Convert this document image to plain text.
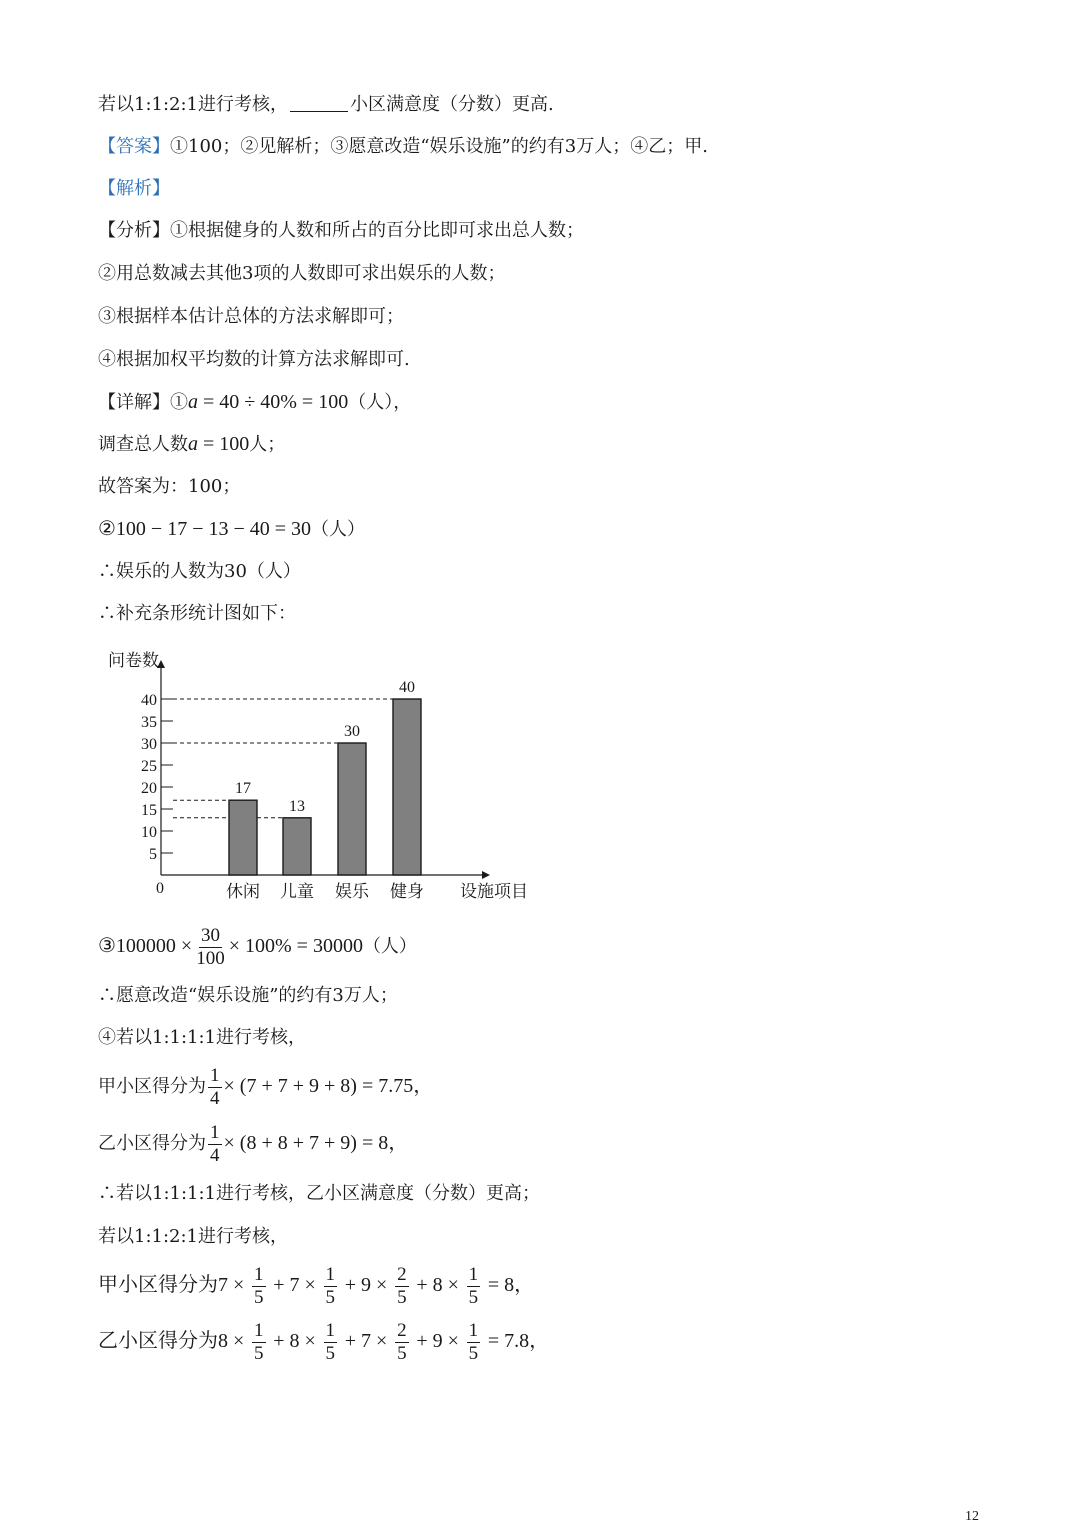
若以1:1:2:1进行考核，	小区满意度（分数）更高.
【答案】①100；②见解析；③愿意改造“娱乐设施”的约有3万人；④乙；甲.
【解析】
【分析】①根据健身的人数和所占的百分比即可求出总人数；
②用总数减去其他3项的人数即可求出娱乐的人数；
③根据样本估计总体的方法求解即可；
④根据加权平均数的计算方法求解即可.
【详解】①a = 40 ÷ 40% = 100（人），
调查总人数a = 100人；
故答案为：100；
②100 − 17 − 13 − 40 = 30（人）
∴娱乐的人数为30（人）
∴补充条形统计图如下：
问卷数
设施项目
0
5
10
15
20
25
30
35
40
17
休闲
13
儿童
30
娱乐
40
健身
③100000 × $\frac{30}{100} \times 100\% = 30000$（人）
∴愿意改造“娱乐设施”的约有3万人；
④若以1:1:1:1进行考核，
甲小区得分为 $\frac{1}{4} \times (7 + 7 + 9 + 8) = 7.75$，
乙小区得分为 $\frac{1}{4} \times (8 + 8 + 7 + 9) = 8$，
∴若以1:1:1:1进行考核，乙小区满意度（分数）更高；
若以1:1:2:1进行考核，
甲小区得分为$7 \times \frac{1}{5} + 7 \times \frac{1}{5} + 9 \times \frac{2}{5} + 8 \times \frac{1}{5} = 8$，
乙小区得分为$8 \times \frac{1}{5} + 8 \times \frac{1}{5} + 7 \times \frac{2}{5} + 9 \times \frac{1}{5} = 7.8$，
12
